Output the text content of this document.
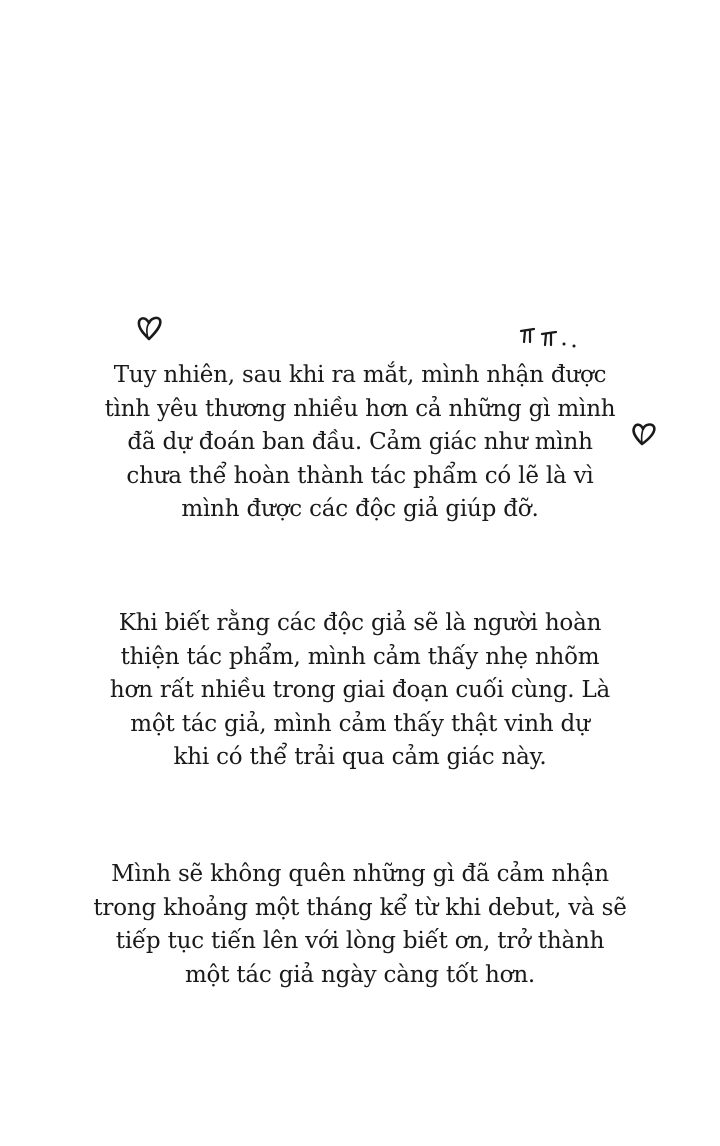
Tuy nhiên, sau khi ra mắt, mình nhận được
tình yêu thương nhiều hơn cả những gì mình
đã dự đoán ban đầu. Cảm giác như mình
chưa thể hoàn thành tác phẩm có lẽ là vì
mình được các độc giả giúp đỡ.
Khi biết rằng các độc giả sẽ là người hoàn
thiện tác phẩm, mình cảm thấy nhẹ nhõm
hơn rất nhiều trong giai đoạn cuối cùng. Là
một tác giả, mình cảm thấy thật vinh dự
khi có thể trải qua cảm giác này.
Mình sẽ không quên những gì đã cảm nhận
trong khoảng một tháng kể từ khi debut, và sẽ
tiếp tục tiến lên với lòng biết ơn, trở thành
một tác giả ngày càng tốt hơn.
